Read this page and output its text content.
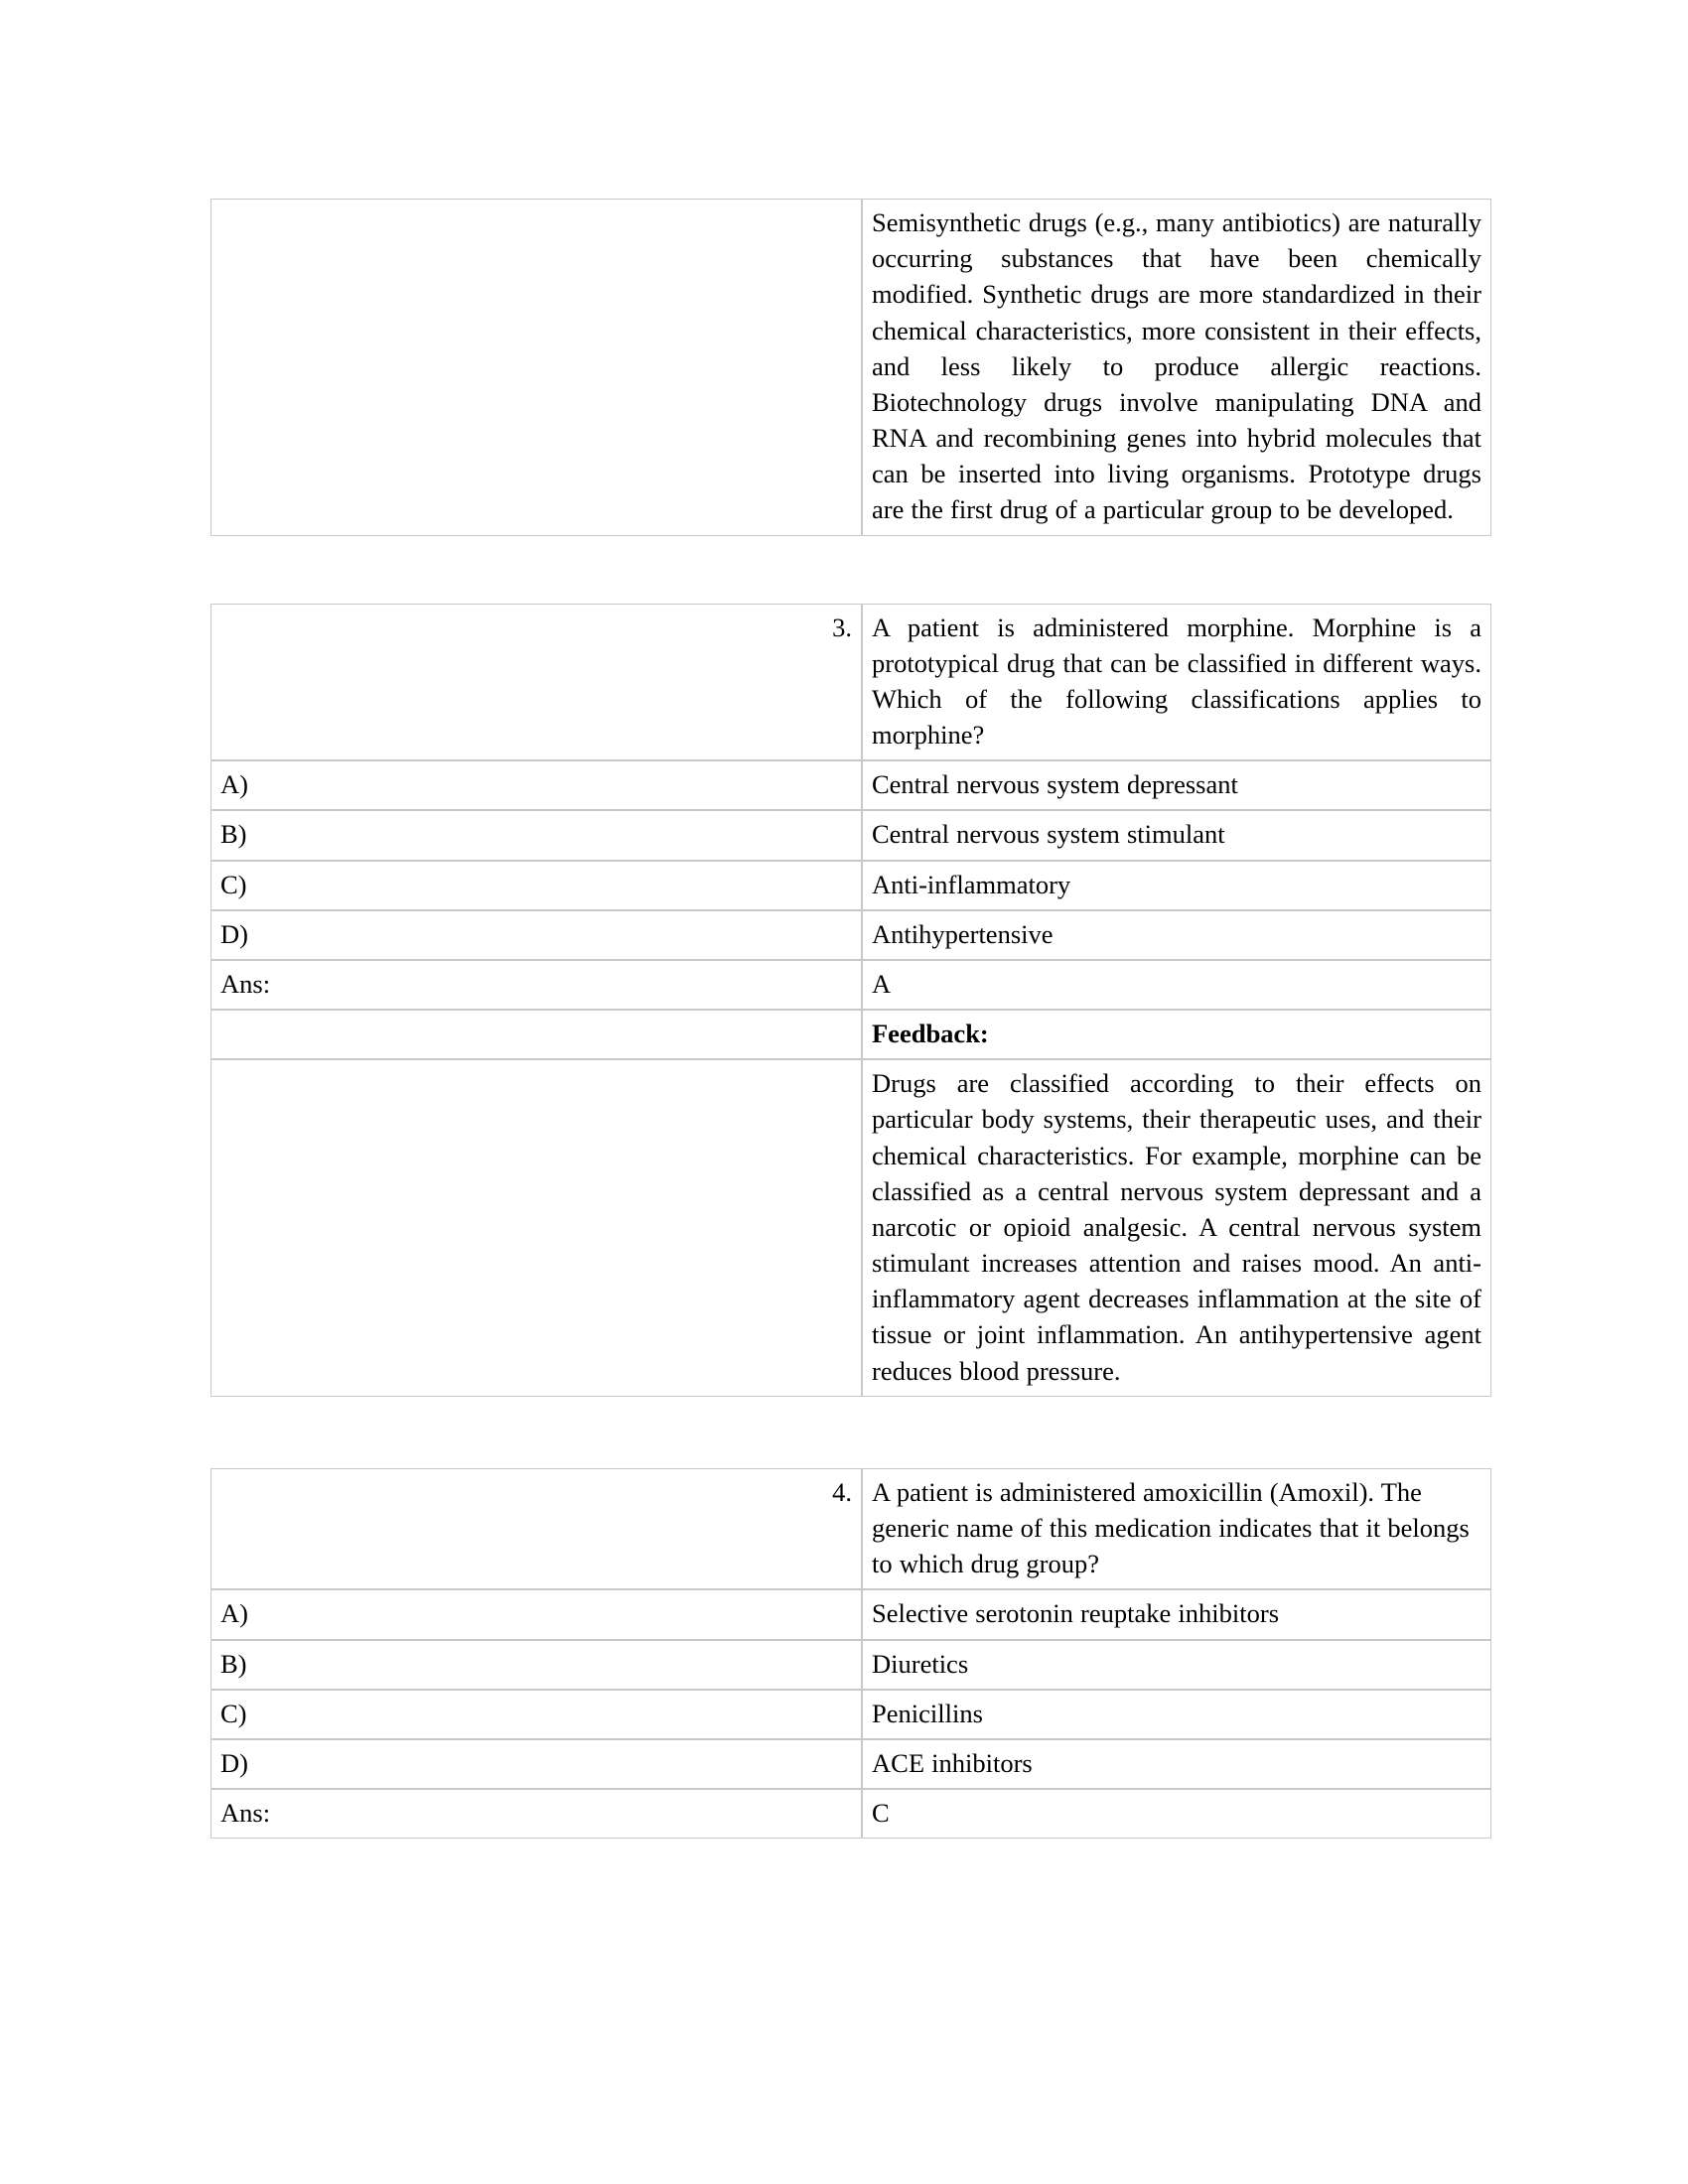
Semisynthetic drugs (e.g., many antibiotics) are naturally occurring substances that have been chemically modified. Synthetic drugs are more standardized in their chemical characteristics, more consistent in their effects, and less likely to produce allergic reactions. Biotechnology drugs involve manipulating DNA and RNA and recombining genes into hybrid molecules that can be inserted into living organisms. Prototype drugs are the first drug of a particular group to be developed.

3.	A patient is administered morphine. Morphine is a prototypical drug that can be classified in different ways. Which of the following classifications applies to morphine?

A)	Central nervous system depressant
B)	Central nervous system stimulant
C)	Anti-inflammatory
D)	Antihypertensive
Ans:	A
	Feedback:

	Drugs are classified according to their effects on particular body systems, their therapeutic uses, and their chemical characteristics. For example, morphine can be classified as a central nervous system depressant and a narcotic or opioid analgesic. A central nervous system stimulant increases attention and raises mood. An anti-inflammatory agent decreases inflammation at the site of tissue or joint inflammation. An antihypertensive agent reduces blood pressure.

4.	A patient is administered amoxicillin (Amoxil). The generic name of this medication indicates that it belongs to which drug group?

A)	Selective serotonin reuptake inhibitors
B)	Diuretics
C)	Penicillins
D)	ACE inhibitors
Ans:	C
